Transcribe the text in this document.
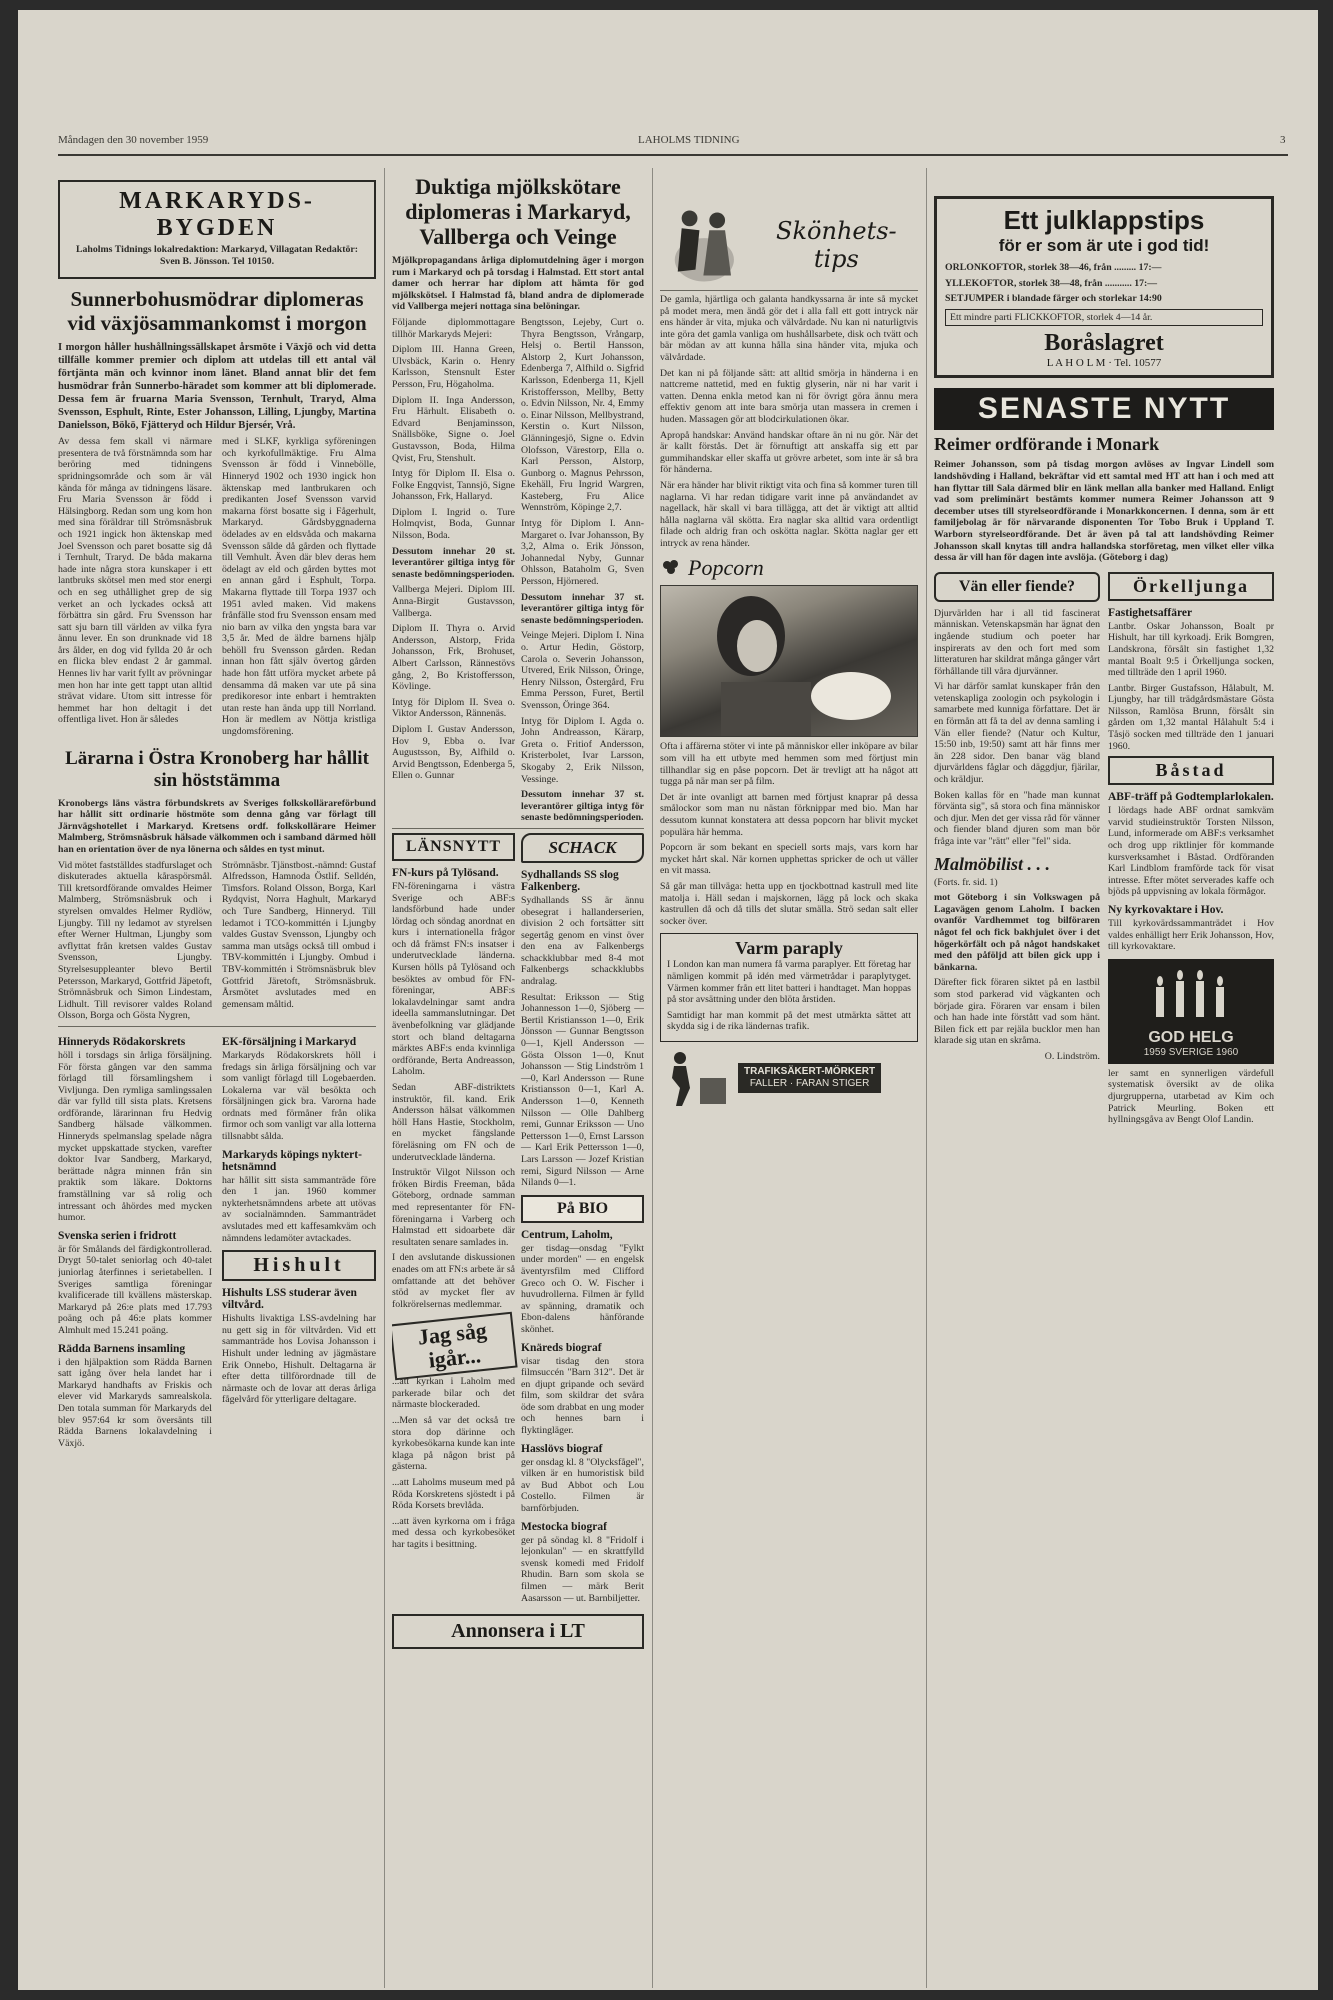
Måndagen den 30 november 1959	LAHOLMS TIDNING	3
MARKARYDS-BYGDEN
Laholms Tidnings lokalredaktion: Markaryd, Villagatan Redaktör: Sven B. Jönsson. Tel 10150.
Sunnerbohusmödrar diplomeras vid växjösammankomst i morgon

I morgon håller hushållningssällskapet årsmöte i Växjö och vid detta tillfälle kommer premier och diplom att utdelas till ett antal väl förtjänta män och kvinnor inom länet. Bland annat blir det fem husmödrar från Sunnerbo-häradet som kommer att bli diplomerade. Dessa fem är fruarna Maria Svensson, Ternhult, Traryd, Alma Svensson, Esphult, Rinte, Ester Johansson, Lilling, Ljungby, Martina Danielsson, Bökö, Fjätteryd och Hildur Bjersér, Vrå.

Av dessa fem skall vi närmare presentera de två förstnämnda som har beröring med tidningens spridningsområde och som är väl kända för många av tidningens läsare. Fru Maria Svensson är född i Hälsingborg. Redan som ung kom hon med sina föräldrar till Strömsnäsbruk och 1921 ingick hon äktenskap med Joel Svensson och paret bosatte sig då i Ternhult, Traryd. De båda makarna hade inte några stora kunskaper i ett lantbruks skötsel men med stor energi och en seg uthållighet grep de sig verket an och lyckades också att förbättra sin gård. Fru Svensson har satt sju barn till världen av vilka fyra ännu lever. En son drunknade vid 18 års ålder, en dog vid fyllda 20 år och en flicka blev endast 2 år gammal. Hennes liv har varit fyllt av prövningar men hon har inte gett tappt utan alltid strävat vidare. Utom sitt intresse för hemmet har hon deltagit i det offentliga livet. Hon är således

med i SLKF, kyrkliga syföreningen och kyrkofullmäktige. Fru Alma Svensson är född i Vinnebölle, Hinneryd 1902 och 1930 ingick hon äktenskap med lantbrukaren och predikanten Josef Svensson varvid makarna först bosatte sig i Fågerhult, Markaryd. Gårdsbyggnaderna ödelades av en eldsvåda och makarna Svensson sålde då gården och flyttade till Vemhult. Även där blev deras hem ödelagt av eld och gården byttes mot en annan gård i Esphult, Torpa. Makarna flyttade till Torpa 1937 och 1951 avled maken. Vid makens frånfälle stod fru Svensson ensam med nio barn av vilka den yngsta bara var 3,5 år. Med de äldre barnens hjälp behöll fru Svensson gården. Redan innan hon fått själv övertog gården hade hon fått utföra mycket arbete på densamma då maken var ute på sina predikoresor inte enbart i hemtrakten utan reste han ända upp till Norrland. Hon är medlem av Nöttja kristliga ungdomsförening.

Lärarna i Östra Kronoberg har hållit sin höststämma

Kronobergs läns västra förbundskrets av Sveriges folkskollärareförbund har hållit sitt ordinarie höstmöte som denna gång var förlagt till Järnvägshotellet i Markaryd. Kretsens ordf. folkskollärare Heimer Malmberg, Strömsnäsbruk hälsade välkommen och i samband därmed höll han en orientation över de nya lönerna och såldes en tyst minut.

Vid mötet fastställdes stadfurslaget och diskuterades aktuella kåraspörsmål. Till kretsordförande omvaldes Heimer Malmberg, Strömsnäsbruk och i styrelsen omvaldes Helmer Rydlöw, Ljungby. Till ny ledamot av styrelsen efter Werner Hultman, Ljungby som avflyttat från kretsen valdes Gustav Svensson, Ljungby. Styrelsesuppleanter blevo Bertil Petersson, Markaryd, Gottfrid Jäpetoft, Strömnäsbruk och Simon Lindestam, Lidhult. Till revisorer valdes Roland Olsson, Borga och Gösta Nygren,

Strömnäsbr. Tjänstbost.-nämnd: Gustaf Alfredsson, Hamnoda Östlif. Selldén, Timsfors. Roland Olsson, Borga, Karl Rydqvist, Norra Haghult, Markaryd och Ture Sandberg, Hinneryd. Till ledamot i TCO-kommittén i Ljungby valdes Gustav Svensson, Ljungby och samma man utsågs också till ombud i TBV-kommittén i Ljungby. Ombud i TBV-kommittén i Strömsnäsbruk blev Gottfrid Järetoft, Strömsnäsbruk. Årsmötet avslutades med en gemensam måltid.

Hinneryds Rödakorskrets

höll i torsdags sin årliga försäljning. För första gången var den samma förlagd till församlingshem i Vivljunga. Den rymliga samlingssalen där var fylld till sista plats. Kretsens ordförande, lärarinnan fru Hedvig Sandberg hälsade välkommen. Hinneryds spelmanslag spelade några mycket uppskattade stycken, varefter doktor Ivar Sandberg, Markaryd, berättade några minnen från sin praktik som läkare. Doktorns framställning var så rolig och intressant och åhördes med mycken humor.

Svenska serien i fridrott

är för Smålands del färdigkontrollerad. Drygt 50-talet seniorlag och 40-talet juniorlag återfinnes i serietabellen. I Sveriges samtliga föreningar kvalificerade till kvällens mästerskap. Markaryd på 26:e plats med 17.793 poäng och på 46:e plats kommer Almhult med 15.241 poäng.

Rädda Barnens insamling

i den hjälpaktion som Rädda Barnen satt igång över hela landet har i Markaryd handhafts av Friskis och elever vid Markaryds samrealskola. Den totala summan för Markaryds del blev 957:64 kr som översänts till Rädda Barnens lokalavdelning i Växjö.

EK-försäljning i Markaryd

Markaryds Rödakorskrets höll i fredags sin årliga försäljning och var som vanligt förlagd till Logebaerden. Lokalerna var väl besökta och försäljningen gick bra. Varorna hade ordnats med förmåner från olika firmor och som vanligt var alla lotterna tillsnabbt sålda.

Markaryds köpings nyktert-hetsnämnd

har hållit sitt sista sammanträde före den 1 jan. 1960 kommer nykterhetsnämndens arbete att utövas av socialnämnden. Sammanträdet avslutades med ett kaffesamkväm och nämndens ledamöter avtackades.

Hishult
Hishults LSS studerar även viltvård.

Hishults livaktiga LSS-avdelning har nu gett sig in för viltvården. Vid ett sammanträde hos Lovisa Johansson i Hishult under ledning av jägmästare Erik Onnebo, Hishult. Deltagarna är efter detta tillförordnade till de närmaste och de lovar att deras årliga fågelvård för ytterligare deltagare.

Duktiga mjölkskötare diplomeras i Markaryd, Vallberga och Veinge

Mjölkpropagandans årliga diplomutdelning äger i morgon rum i Markaryd och på torsdag i Halmstad. Ett stort antal damer och herrar har diplom att hämta för god mjölkskötsel. I Halmstad få, bland andra de diplomerade vid Vallberga mejeri nottaga sina belöningar.

Följande diplommottagare tillhör Markaryds Mejeri:

Diplom III. Hanna Green, Ulvsbäck, Karin o. Henry Karlsson, Stensnult Ester Persson, Fru, Högaholma.

Diplom II. Inga Andersson, Fru Härhult. Elisabeth o. Edvard Benjaminsson, Snällsböke, Signe o. Joel Gustavsson, Boda, Hilma Qvist, Fru, Stenshult.

Intyg för Diplom II. Elsa o. Folke Engqvist, Tannsjö, Signe Johansson, Frk, Hallaryd.

Diplom I. Ingrid o. Ture Holmqvist, Boda, Gunnar Nilsson, Boda.

Dessutom innehar 20 st. leverantörer giltiga intyg för senaste bedömningsperioden.

Vallberga Mejeri. Diplom III. Anna-Birgit Gustavsson, Vallberga.

Diplom II. Thyra o. Arvid Andersson, Alstorp, Frida Johansson, Frk, Brohuset, Albert Carlsson, Rännestövs gång, 2, Bo Kristoffersson, Kövlinge.

Intyg för Diplom II. Svea o. Viktor Andersson, Rännenäs.

Diplom I. Gustav Andersson, Hov 9, Ebba o. Ivar Augustsson, By, Alfhild o. Arvid Bengtsson, Edenberga 5, Ellen o. Gunnar

Bengtsson, Lejeby, Curt o. Thyra Bengtsson, Vrångarp, Helsj o. Bertil Hansson, Alstorp 2, Kurt Johansson, Edenberga 7, Alfhild o. Sigfrid Karlsson, Edenberga 11, Kjell Kristoffersson, Mellby, Betty o. Edvin Nilsson, Nr. 4, Emmy o. Einar Nilsson, Mellbystrand, Kerstin o. Kurt Nilsson, Glänningesjö, Signe o. Edvin Olofsson, Värestorp, Ella o. Karl Persson, Alstorp, Gunborg o. Magnus Pehrsson, Ekehäll, Fru Ingrid Wargren, Kasteberg, Fru Alice Wennström, Köpinge 2,7.

Intyg för Diplom I. Ann-Margaret o. Ivar Johansson, By 3,2, Alma o. Erik Jönsson, Johannedal Nyby, Gunnar Ohlsson, Bataholm G, Sven Persson, Hjörnered.

Dessutom innehar 37 st. leverantörer giltiga intyg för senaste bedömningsperioden.

Veinge Mejeri. Diplom I. Nina o. Artur Hedin, Göstorp, Carola o. Severin Johansson, Utvered, Erik Nilsson, Öringe, Henry Nilsson, Östergård, Fru Emma Persson, Furet, Bertil Svensson, Öringe 364.

Intyg för Diplom I. Agda o. John Andreasson, Kärarp, Greta o. Fritiof Andersson, Kristerbolet, Ivar Larsson, Skogaby 2, Erik Nilsson, Vessinge.

Dessutom innehar 37 st. leverantörer giltiga intyg för senaste bedömningsperioden.

LÄNSNYTT
FN-kurs på Tylösand.

FN-föreningarna i västra Sverige och ABF:s landsförbund hade under lördag och söndag anordnat en kurs i internationella frågor och då främst FN:s insatser i underutvecklade länderna. Kursen hölls på Tylösand och besöktes av ombud för FN-föreningar, ABF:s lokalavdelningar samt andra ideella sammanslutningar. Det ävenbefolkning var glädjande stort och bland deltagarna märktes ABF:s enda kvinnliga ordförande, Berta Andreasson, Laholm.

Sedan ABF-distriktets instruktör, fil. kand. Erik Andersson hälsat välkommen höll Hans Hastie, Stockholm, en mycket fängslande föreläsning om FN och de underutvecklade länderna.

Instruktör Vilgot Nilsson och fröken Birdis Freeman, båda Göteborg, ordnade samman med representanter för FN-föreningarna i Varberg och Halmstad ett sidoarbete där resultaten senare samlades in.

I den avslutande diskussionen enades om att FN:s arbete är så omfattande att det behöver stöd av mycket fler av folkrörelsernas medlemmar.

Jag såg igår...

...att kyrkan i Laholm med parkerade bilar och det närmaste blockeraded.

...Men så var det också tre stora dop därinne och kyrkobesökarna kunde kan inte klaga på någon brist på gästerna.

...att Laholms museum med på Röda Korskretens sjöstedt i på Röda Korsets brevlåda.

...att även kyrkorna om i fråga med dessa och kyrkobesöket har tagits i besittning.

SCHACK
Sydhallands SS slog Falkenberg.

Sydhallands SS är ännu obesegrat i hallanderserien, division 2 och fortsätter sitt segertåg genom en vinst över den ena av Falkenbergs schackklubbar med 8-4 mot Falkenbergs schackklubbs andralag.

Resultat: Eriksson — Stig Johannesson 1—0, Sjöberg — Bertil Kristiansson 1—0, Erik Jönsson — Gunnar Bengtsson 0—1, Kjell Andersson — Gösta Olsson 1—0, Knut Johansson — Stig Lindström 1—0, Karl Andersson — Rune Kristiansson 0—1, Karl A. Andersson 1—0, Kenneth Nilsson — Olle Dahlberg remi, Gunnar Eriksson — Uno Pettersson 1—0, Ernst Larsson — Karl Erik Pettersson 1—0, Lars Larsson — Jozef Kristian remi, Sigurd Nilsson — Arne Nilands 0—1.

På BIO
Centrum, Laholm,

ger tisdag—onsdag "Fylkt under morden" — en engelsk äventyrsfilm med Clifford Greco och O. W. Fischer i huvudrollerna. Filmen är fylld av spänning, dramatik och Ebon-dalens hänförande skönhet.

Knäreds biograf

visar tisdag den stora filmsuccén "Barn 312". Det är en djupt gripande och sevärd film, som skildrar det svåra öde som drabbat en ung moder och hennes barn i flyktingläger.

Hasslövs biograf

ger onsdag kl. 8 "Olycksfågel", vilken är en humoristisk bild av Bud Abbot och Lou Costello. Filmen är barnförbjuden.

Mestocka biograf

ger på söndag kl. 8 "Fridolf i lejonkulan" — en skrattfylld svensk komedi med Fridolf Rhudin. Barn som skola se filmen — märk Berit Aasarsson — ut. Barnbiljetter.

Annonsera i LT
Skönhets-tips

De gamla, hjärtliga och galanta handkyssarna är inte så mycket på modet mera, men ändå gör det i alla fall ett gott intryck när ens händer är vita, mjuka och välvårdade. Nu kan ni naturligtvis inte göra det gamla vanliga om hushållsarbete, disk och tvätt och bär mödan av att kunna hålla sina händer vita, mjuka och välvårdade.

Det kan ni på följande sätt: att alltid smörja in händerna i en nattcreme nattetid, med en fuktig glyserin, när ni har varit i vatten. Denna enkla metod kan ni för övrigt göra ännu mera effektiv genom att inte bara smörja utan massera in cremen i huden. Massagen gör att blodcirkulationen ökar.

Apropå handskar: Använd handskar oftare än ni nu gör. När det är kallt förstås. Det är förnuftigt att anskaffa sig ett par gummihandskar eller skaffa ut grövre arbetet, som inte är så bra för händerna.

När era händer har blivit riktigt vita och fina så kommer turen till naglarna. Vi har redan tidigare varit inne på användandet av nagellack, här skall vi bara tillägga, att det är viktigt att alltid hålla naglarna väl skötta. Era naglar ska alltid vara ordentligt filade och aldrig fran och oskötta naglar. Skötta naglar ger ett intryck av rena händer.

Popcorn

Ofta i affärerna stöter vi inte på människor eller inköpare av bilar som vill ha ett utbyte med hemmen som med förtjust min tillhandlar sig en påse popcorn. Det är trevligt att ha något att tugga på när man ser på film.

Det är inte ovanligt att barnen med förtjust knaprar på dessa smålockor som man nu nästan förknippar med bio. Man har dessutom kunnat konstatera att dessa popcorn har blivit mycket populära här hemma.

Popcorn är som bekant en speciell sorts majs, vars korn har mycket hårt skal. När kornen upphettas spricker de och ut väller en vit massa.

Så går man tillväga: hetta upp en tjockbottnad kastrull med lite matolja i. Häll sedan i majskornen, lägg på lock och skaka kastrullen då och då tills det slutar smälla. Strö sedan salt eller socker över.

Varm paraply

I London kan man numera få varma paraplyer. Ett företag har nämligen kommit på idén med värmetrådar i paraplytyget. Värmen kommer från ett litet batteri i handtaget. Man hoppas på stor avsättning under den blöta årstiden.

Samtidigt har man kommit på det mest utmärkta sättet att skydda sig i de rika ländernas trafik.

TRAFIKSÄKERT-MÖRKERT
FALLER · FARAN STIGER
Ett julklappstips
för er som är ute i god tid!
ORLONKOFTOR, storlek 38—46, från ......... 17:—
YLLEKOFTOR, storlek 38—48, från ........... 17:—
SETJUMPER i blandade färger och storlekar 14:90
Ett mindre parti FLICKKOFTOR, storlek 4—14 år.
Boråslagret
L A H O L M · Tel. 10577
SENASTE NYTT
Reimer ordförande i Monark

Reimer Johansson, som på tisdag morgon avlöses av Ingvar Lindell som landshövding i Halland, bekräftar vid ett samtal med HT att han i och med att han flyttar till Sala därmed blir en länk mellan alla banker med Halland. Enligt vad som preliminärt bestämts kommer numera Reimer Johansson att 9 december utses till styrelseordförande i Monarkkoncernen. I denna, som är ett familjebolag är för närvarande disponenten Tor Tobo Bruk i Uppland T. Warborn styrelseordförande. Det är även på tal att landshövding Reimer Johansson skall knytas till andra hallandska storföretag, men vilket eller vilka dessa är vill han för dagen inte avslöja. (Göteborg i dag)

Vän eller fiende?

Djurvärlden har i all tid fascinerat människan. Vetenskapsmän har ägnat den ingående studium och poeter har inspirerats av den och fort med som litteraturen har skildrat många gånger vårt förhållande till våra djurvänner.

Vi har därför samlat kunskaper från den vetenskapliga zoologin och psykologin i samarbete med kunniga författare. Det är en förmån att få ta del av denna samling i Vän eller fiende? (Natur och Kultur, 15:50 inb, 19:50) samt att här finns mer än 228 sidor. Den banar väg bland djurvärldens fåglar och däggdjur, fjärilar, och kräldjur.

Boken kallas för en "hade man kunnat förvänta sig", så stora och fina människor och djur. Men det ger vissa råd för vänner och fiender bland djuren som man bör fråga inte var "rätt" eller "fel" sida.

Malmöbilist . . .
(Forts. fr. sid. 1)

mot Göteborg i sin Volkswagen på Lagavägen genom Laholm. I backen ovanför Vardhemmet tog bilföraren något fel och fick bakhjulet över i det högerkörfält och på något handskaket med den påföljd att bilen gick upp i bänkarna.

Därefter fick föraren siktet på en lastbil som stod parkerad vid vägkanten och började gira. Föraren var ensam i bilen och han hade inte förstått vad som hänt. Bilen fick ett par rejäla bucklor men han klarade sig utan en skråma.

O. Lindström.

Örkelljunga
Fastighetsaffärer

Lantbr. Oskar Johansson, Boalt pr Hishult, har till kyrkoadj. Erik Bomgren, Landskrona, försålt sin fastighet 1,32 mantal Boalt 9:5 i Örkelljunga socken, med tillträde den 1 april 1960.

Lantbr. Birger Gustafsson, Hålabult, M. Ljungby, har till trädgårdsmästare Gösta Nilsson, Ramlösa Brunn, försålt sin gården om 1,32 mantal Hålahult 5:4 i Tåsjö socken med tillträde den 1 januari 1960.

Båstad
ABF-träff på Godtemplarlokalen.

I lördags hade ABF ordnat samkväm varvid studieinstruktör Torsten Nilsson, Lund, informerade om ABF:s verksamhet och drog upp riktlinjer för kommande kursverksamhet i Båstad. Ordföranden Karl Lindblom framförde tack för visat intresse. Efter mötet serverades kaffe och bjöds på uppvisning av lokala förmågor.

Ny kyrkovaktare i Hov.

Till kyrkovärdssammanträdet i Hov valdes enhälligt herr Erik Johansson, Hov, till kyrkovaktare.

GOD HELG
1959 SVERIGE 1960

ler samt en synnerligen värdefull systematisk översikt av de olika djurgrupperna, utarbetad av Kim och Patrick Meurling. Boken ett hyllningsgåva av Bengt Olof Landin.
